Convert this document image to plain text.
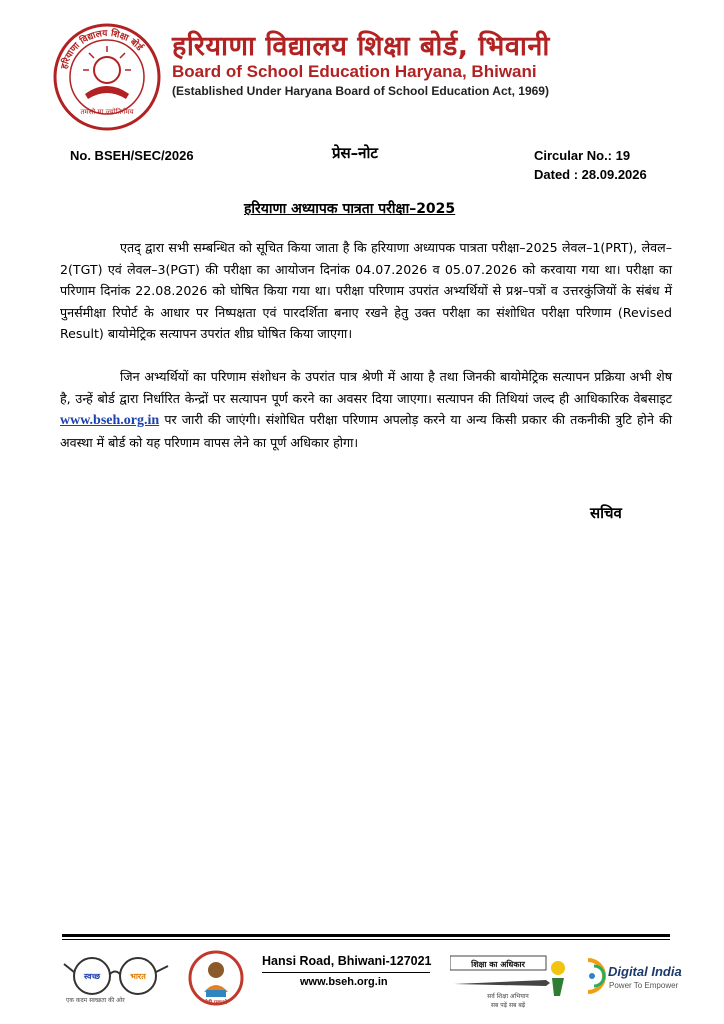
हरियाणा विद्यालय शिक्षा बोर्ड
तमसो मा ज्योतिर्गमय
हरियाणा विद्यालय शिक्षा बोर्ड, भिवानी
Board of School Education Haryana, Bhiwani
(Established Under Haryana Board of School Education Act, 1969)
No. BSEH/SEC/2026	प्रेस–नोट	Circular No.: 19
Dated : 28.09.2026
हरियाणा अध्यापक पात्रता परीक्षा–2025
एतद् द्वारा सभी सम्बन्धित को सूचित किया जाता है कि हरियाणा अध्यापक पात्रता परीक्षा–2025 लेवल–1(PRT), लेवल–2(TGT) एवं लेवल–3(PGT) की परीक्षा का आयोजन दिनांक 04.07.2026 व 05.07.2026 को करवाया गया था। परीक्षा का परिणाम दिनांक 22.08.2026 को घोषित किया गया था। परीक्षा परिणाम उपरांत अभ्यर्थियों से प्रश्न–पत्रों व उत्तरकुंजियों के संबंध में पुनर्समीक्षा रिपोर्ट के आधार पर निष्पक्षता एवं पारदर्शिता बनाए रखने हेतु उक्त परीक्षा का संशोधित परीक्षा परिणाम (Revised Result) बायोमेट्रिक सत्यापन उपरांत शीघ्र घोषित किया जाएगा।
जिन अभ्यर्थियों का परिणाम संशोधन के उपरांत पात्र श्रेणी में आया है तथा जिनकी बायोमेट्रिक सत्यापन प्रक्रिया अभी शेष है, उन्हें बोर्ड द्वारा निर्धारित केन्द्रों पर सत्यापन पूर्ण करने का अवसर दिया जाएगा। सत्यापन की तिथियां जल्द ही आधिकारिक वेबसाइट www.bseh.org.in पर जारी की जाएंगी। संशोधित परीक्षा परिणाम अपलोड़ करने या अन्य किसी प्रकार की तकनीकी त्रुटि होने की अवस्था में बोर्ड को यह परिणाम वापस लेने का पूर्ण अधिकार होगा।
सचिव
स्वच्छ	भारत
एक कदम स्वच्छता की ओर	बेटी पढ़ाओ
Hansi Road, Bhiwani-127021
www.bseh.org.in
शिक्षा का अधिकार
सर्व शिक्षा अभियान
सब पढ़ें सब बढ़ें
Digital India
Power To Empower
